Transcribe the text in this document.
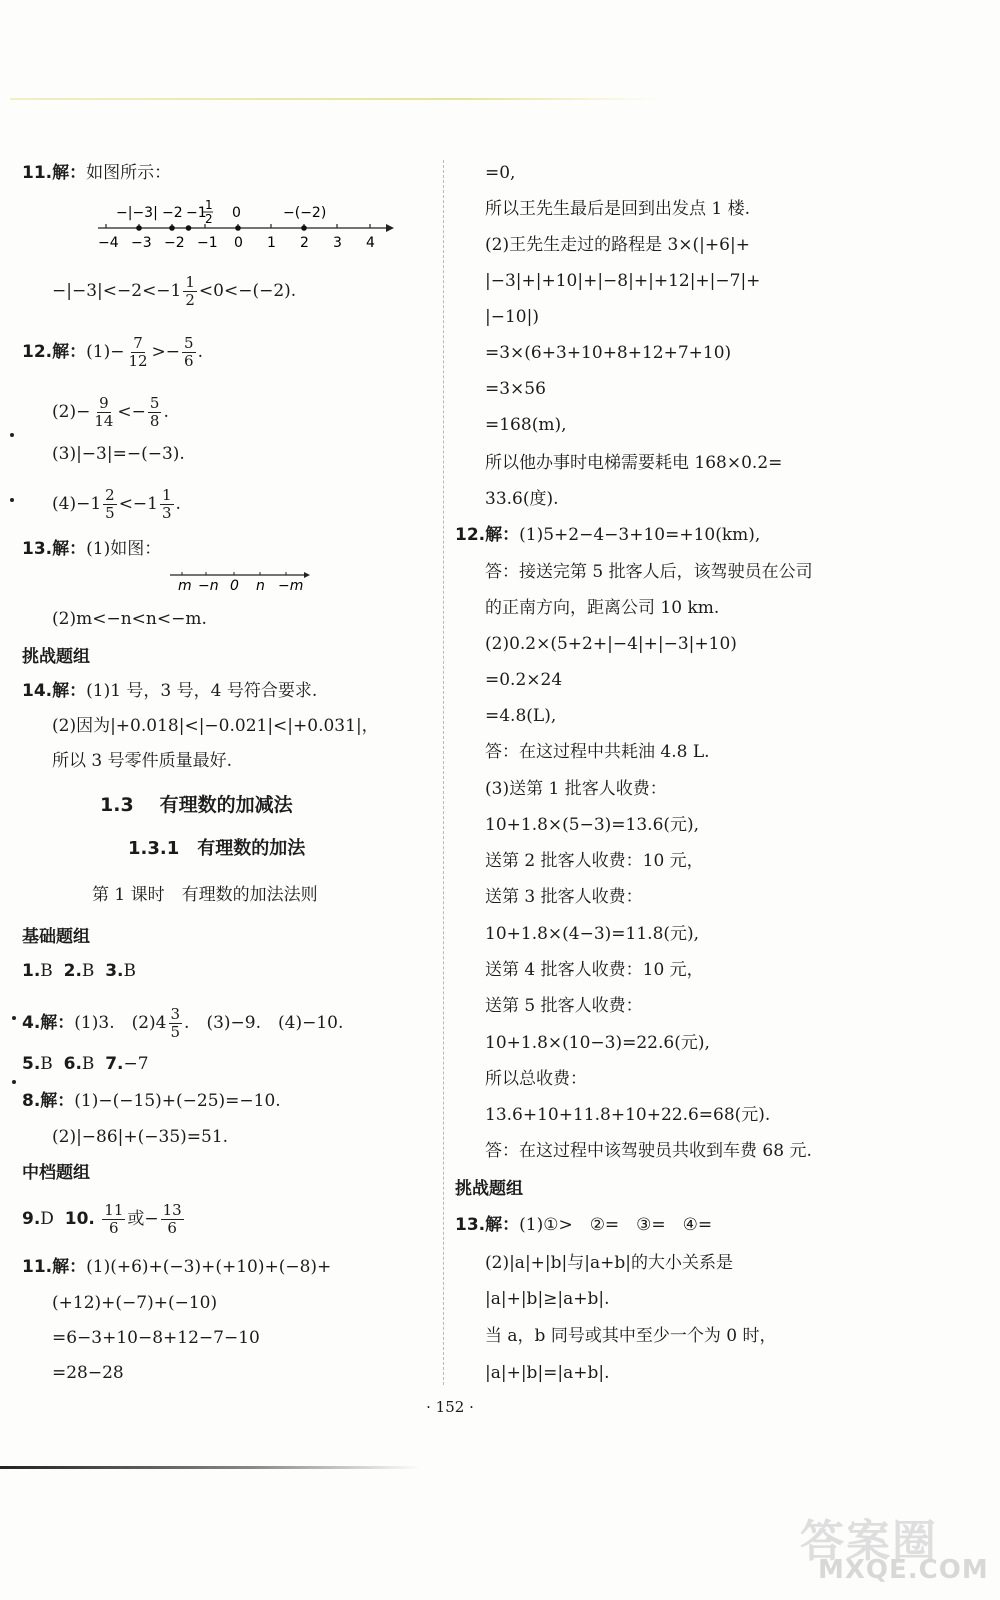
11.解：如图所示：
−|−3| −2 −1
1
2 0	−(−2)
−4 −3 −2 −1 0 1 2 3 4
$-|-3|<-2<-1 \frac{1}{2} <0<-(-2)$.
12.解：$(1)- \frac{7}{12} >- \frac{5}{6}$ .
$(2)- \frac{9}{14} <- \frac{5}{8}$ .
(3)|−3|=−(−3).
$(4)-1 \frac{2}{5} <-1 \frac{1}{3}$ .
13.解：(1)如图：
m −n 0 n −m
(2)m<−n<n<−m.
挑战题组
14.解：(1)1 号，3 号，4 号符合要求.
(2)因为|+0.018|<|−0.021|<|+0.031|，
所以 3 号零件质量最好.
1.3 有理数的加减法
1.3.1 有理数的加法
第 1 课时　有理数的加法法则
基础题组
1.B 2.B 3.B
4.解：(1)3.　$(2)4 \frac{3}{5}$ .　(3)−9.　(4)−10.
5.B 6.B 7.−7
8.解：(1)−(−15)+(−25)=−10.
(2)|−86|+(−35)=51.
中档题组
9.D 10. $\frac{11}{6}$ 或− $\frac{13}{6}$
11.解：(1)(+6)+(−3)+(+10)+(−8)+
(+12)+(−7)+(−10)
=6−3+10−8+12−7−10
=28−28
=0,
所以王先生最后是回到出发点 1 楼.
(2)王先生走过的路程是 3×(|+6|+
|−3|+|+10|+|−8|+|+12|+|−7|+
|−10|)
=3×(6+3+10+8+12+7+10)
=3×56
=168(m),
所以他办事时电梯需要耗电 168×0.2=
33.6(度).
12.解：(1)5+2−4−3+10=+10(km),
答：接送完第 5 批客人后，该驾驶员在公司
的正南方向，距离公司 10 km.
(2)0.2×(5+2+|−4|+|−3|+10)
=0.2×24
=4.8(L),
答：在这过程中共耗油 4.8 L.
(3)送第 1 批客人收费：
10+1.8×(5−3)=13.6(元),
送第 2 批客人收费：10 元，
送第 3 批客人收费：
10+1.8×(4−3)=11.8(元),
送第 4 批客人收费：10 元，
送第 5 批客人收费：
10+1.8×(10−3)=22.6(元),
所以总收费：
13.6+10+11.8+10+22.6=68(元).
答：在这过程中该驾驶员共收到车费 68 元.
挑战题组
13.解：(1)①>　②=　③=　④=
(2)|a|+|b|与|a+b|的大小关系是
|a|+|b|≥|a+b|.
当 a，b 同号或其中至少一个为 0 时，
|a|+|b|=|a+b|.
· 152 ·
答案圈
MXQE.COM
